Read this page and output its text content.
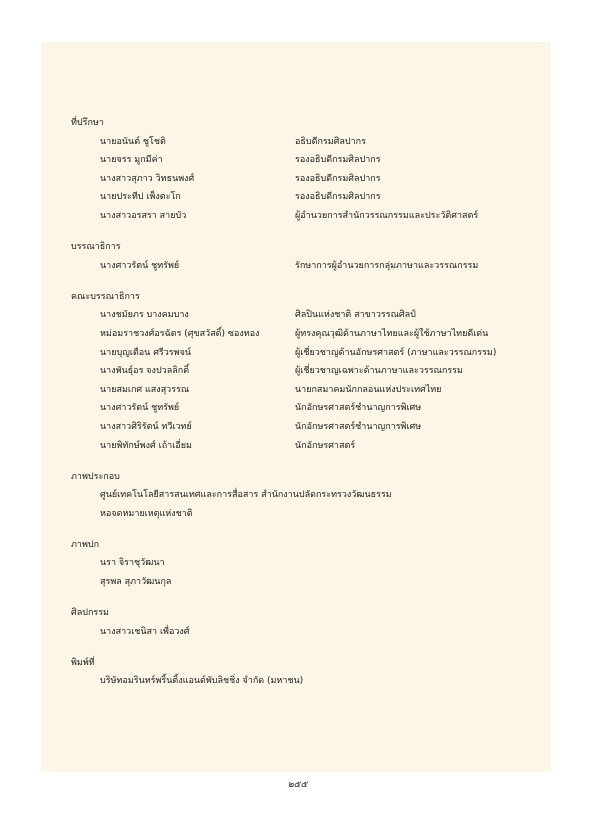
ที่ปรึกษา
นายอนันต์ ชูโชติ	อธิบดีกรมศิลปากร
นายจรร มูกมีค่า	รองอธิบดีกรมศิลปากร
นางสาวสุภาว วิทธนพงศ์	รองอธิบดีกรมศิลปากร
นายประทีป เพ็งตะโก	รองอธิบดีกรมศิลปากร
นางสาวอรสรา สายบัว	ผู้อำนวยการสำนักวรรณกรรมและประวัติศาสตร์
บรรณาธิการ
นางศาวรัตน์ ชูทรัพย์	รักษาการผู้อำนวยการกลุ่มภาษาและวรรณกรรม
คณะบรรณาธิการ
นางชมัยภร บางคมบาง	ศิลปินแห่งชาติ สาขาวรรณศิลป์
หม่อมราชวงศ์อรฉัตร (ศุขสวัสดิ์) ซองทอง	ผู้ทรงคุณวุฒิด้านภาษาไทยและผู้ใช้ภาษาไทยดีเด่น
นายบุญเตือน ศรีวรพจน์	ผู้เชี่ยวชาญด้านอักษรศาสตร์ (ภาษาและวรรณกรรม)
นางพันธุ์อร จงปวลลิกติ์	ผู้เชี่ยวชาญเฉพาะด้านภาษาและวรรณกรรม
นายสมเกศ แสงสุวรรณ	นายกสมาคมนักกลอนแห่งประเทศไทย
นางศาวรัตน์ ชูทรัพย์	นักอักษรศาสตร์ชำนาญการพิเศษ
นางสาวศิริรัตน์ ทวีเวทย์	นักอักษรศาสตร์ชำนาญการพิเศษ
นายพิทักษ์พงศ์ เถ้าเอี่ยม	นักอักษรศาสตร์
ภาพประกอบ
ศูนย์เทคโนโลยีสารสนเทศและการสื่อสาร สำนักงานปลัดกระทรวงวัฒนธรรม
หอจดหมายเหตุแห่งชาติ
ภาพปก
นรา จิราชุวัฒนา
สุรพล สุภาวัฒนกุล
ศิลปกรรม
นางสาวเชนิสา เพื่อวงศ์
พิมพ์ที่
บริษัทอมรินทร์พริ้นติ้งแอนด์พับลิชชิ่ง จำกัด (มหาชน)
๒๕๕
